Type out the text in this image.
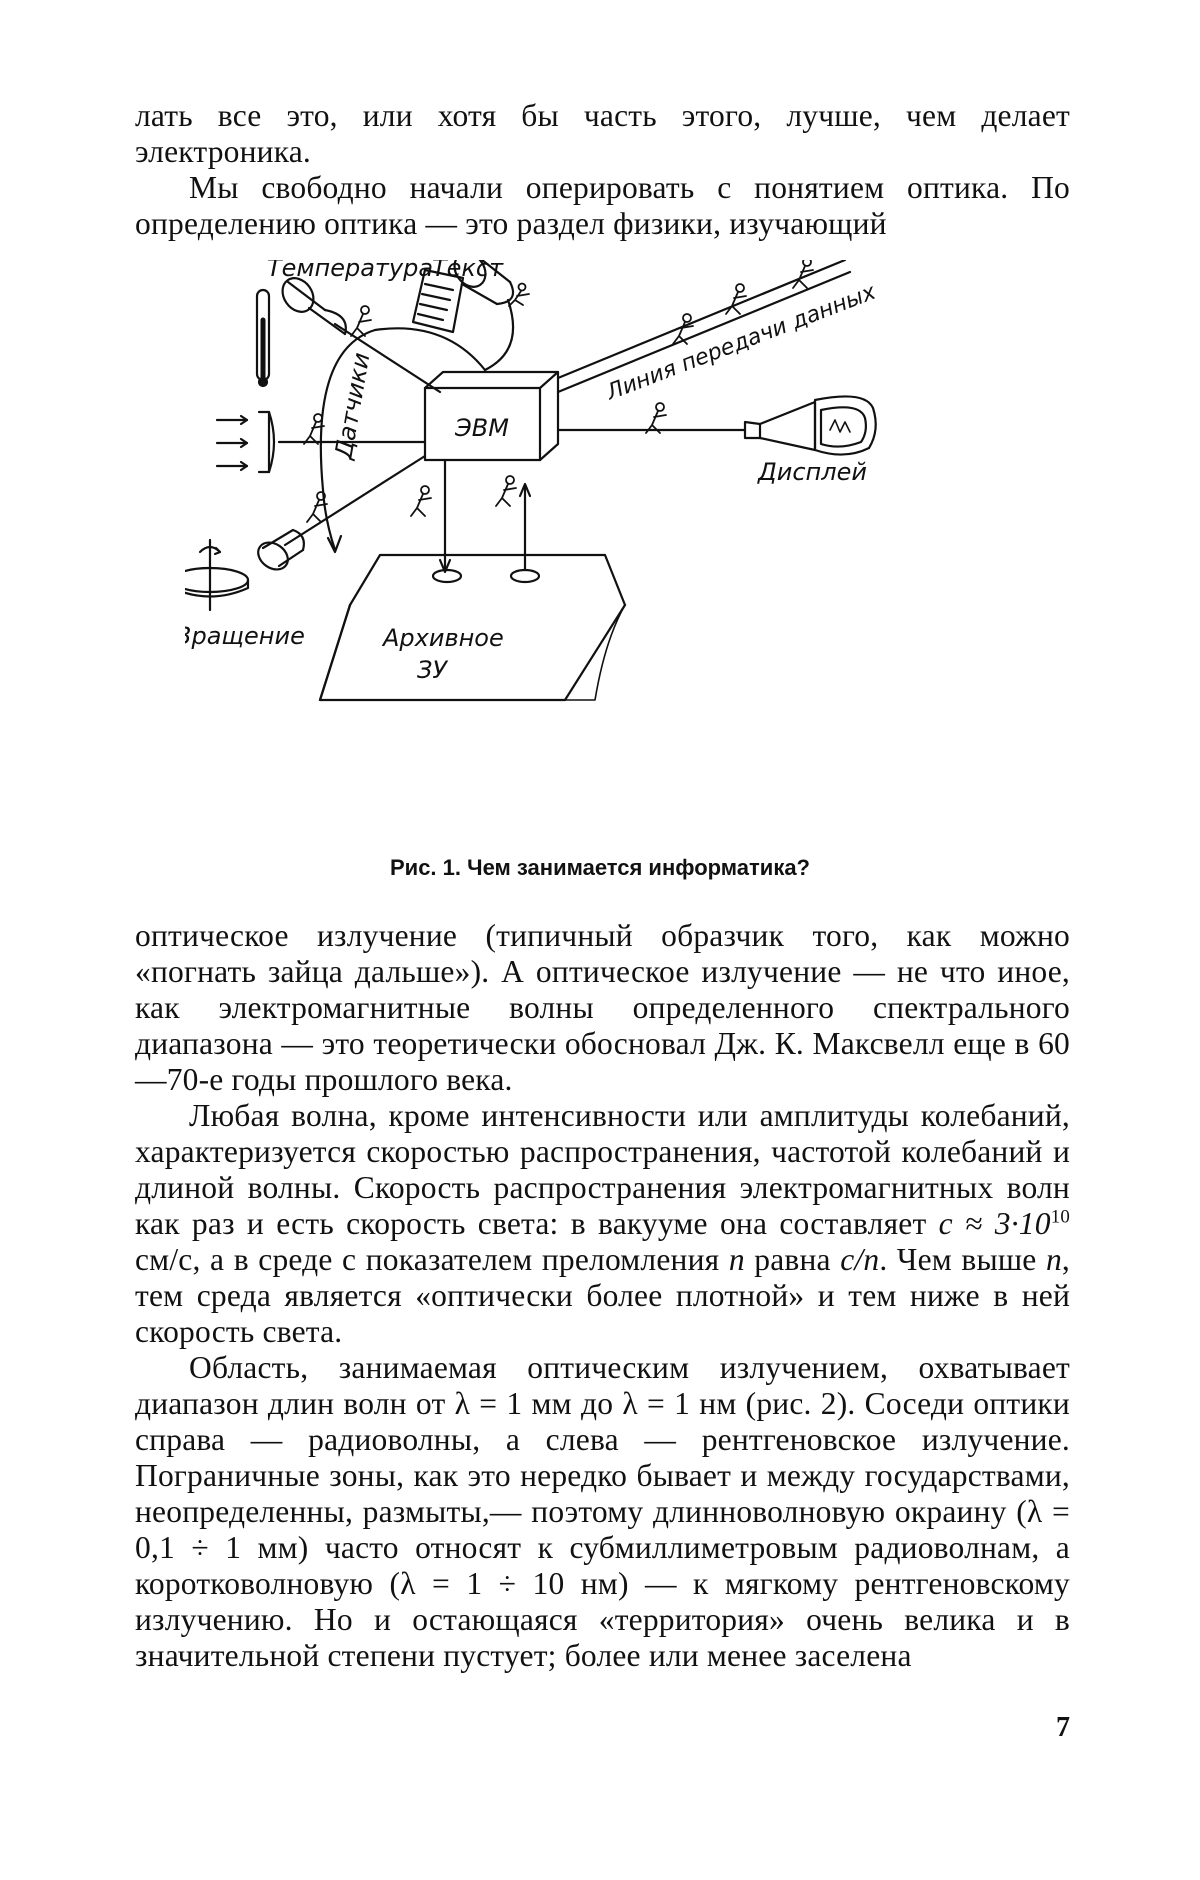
лать все это, или хотя бы часть этого, лучше, чем делает электроника.

Мы свободно начали оперировать с понятием оптика. По определению оптика — это раздел физики, изучающий

Температура
Текст
Датчики	ЭВМ
Линия передачи данных
Дисплей
Вращение	Архивное
ЗУ
Рис. 1. Чем занимается информатика?

оптическое излучение (типичный образчик того, как можно «погнать зайца дальше»). А оптическое излучение — не что иное, как электромагнитные волны определенного спектрального диапазона — это теоретически обосновал Дж. К. Максвелл еще в 60—70-е годы прошлого века.

Любая волна, кроме интенсивности или амплитуды колебаний, характеризуется скоростью распространения, частотой колебаний и длиной волны. Скорость распространения электромагнитных волн как раз и есть скорость света: в вакууме она составляет c ≈ 3·1010 см/с, а в среде с показателем преломления n равна c/n. Чем выше n, тем среда является «оптически более плотной» и тем ниже в ней скорость света.

Область, занимаемая оптическим излучением, охватывает диапазон длин волн от λ = 1 мм до λ = 1 нм (рис. 2). Соседи оптики справа — радиоволны, а слева — рентгеновское излучение. Пограничные зоны, как это нередко бывает и между государствами, неопределенны, размыты,— поэтому длинноволновую окраину (λ = 0,1 ÷ 1 мм) часто относят к субмиллиметровым радиоволнам, а коротковолновую (λ = 1 ÷ 10 нм) — к мягкому рентгеновскому излучению. Но и остающаяся «территория» очень велика и в значительной степени пустует; более или менее заселена

7
